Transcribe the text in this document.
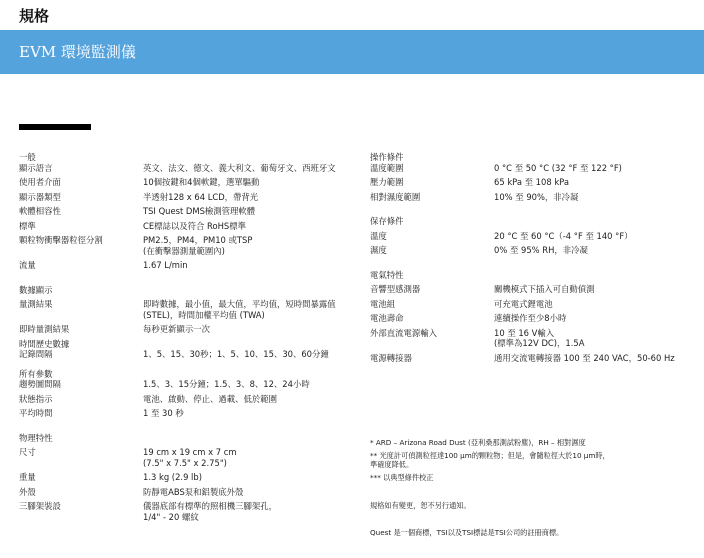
規格
EVM 環境監測儀
一般
顯示語言	英文、法文、德文、義大利文、葡萄牙文、西班牙文
使用者介面	10個按鍵和4個軟鍵，選單驅動
顯示器類型	半透射128 x 64 LCD，帶背光
軟體相容性	TSI Quest DMS檢測管理軟體
標準	CE標誌以及符合 RoHS標準
顆粒物衝擊器粒徑分割	PM2.5，PM4，PM10 或TSP
(在衝擊器測量範圍內)
流量	1.67 L/min
數據顯示
量測結果	即時數據，最小值，最大值，平均值，短時間暴露值 (STEL)，時間加權平均值 (TWA)
即時量測結果	每秒更新顯示一次
時間歷史數據
記錄間隔	1、5、15、30秒；1、5、10、15、30、60分鐘
所有參數
趨勢圖間隔	1.5、3、15分鐘；1.5、3、8、12、24小時
狀態指示	電池、啟動、停止、過載、低於範圍
平均時間	1 至 30 秒
物理特性
尺寸	19 cm x 19 cm x 7 cm
(7.5" x 7.5" x 2.75")
重量	1.3 kg (2.9 lb)
外殼	防靜電ABS泵和鋁製底外殼
三腳架裝設	儀器底部有標準的照相機三腳架孔，
1/4" - 20 螺紋
操作條件
溫度範圍	0 °C 至 50 °C (32 °F 至 122 °F)
壓力範圍	65 kPa 至 108 kPa
相對濕度範圍	10% 至 90%，非冷凝
保存條件
溫度	20 °C 至 60 °C（-4 °F 至 140 °F）
濕度	0% 至 95% RH，非冷凝
電氣特性
音響型感測器	關機模式下插入可自動偵測
電池組	可充電式鋰電池
電池壽命	連續操作至少8小時
外部直流電源輸入	10 至 16 V輸入
(標準為12V DC)，1.5A
電源轉接器	通用交流電轉接器 100 至 240 VAC，50-60 Hz
* ARD – Arizona Road Dust (亞利桑那測試粉塵)，RH – 相對濕度
** 光度計可偵測粒徑達100 µm的顆粒物；但是，會隨粒徑大於10 µm時，準確度降低。
*** 以典型條件校正
規格如有變更，恕不另行通知。
Quest 是一個商標，TSI以及TSI標誌是TSI公司的註冊商標。
